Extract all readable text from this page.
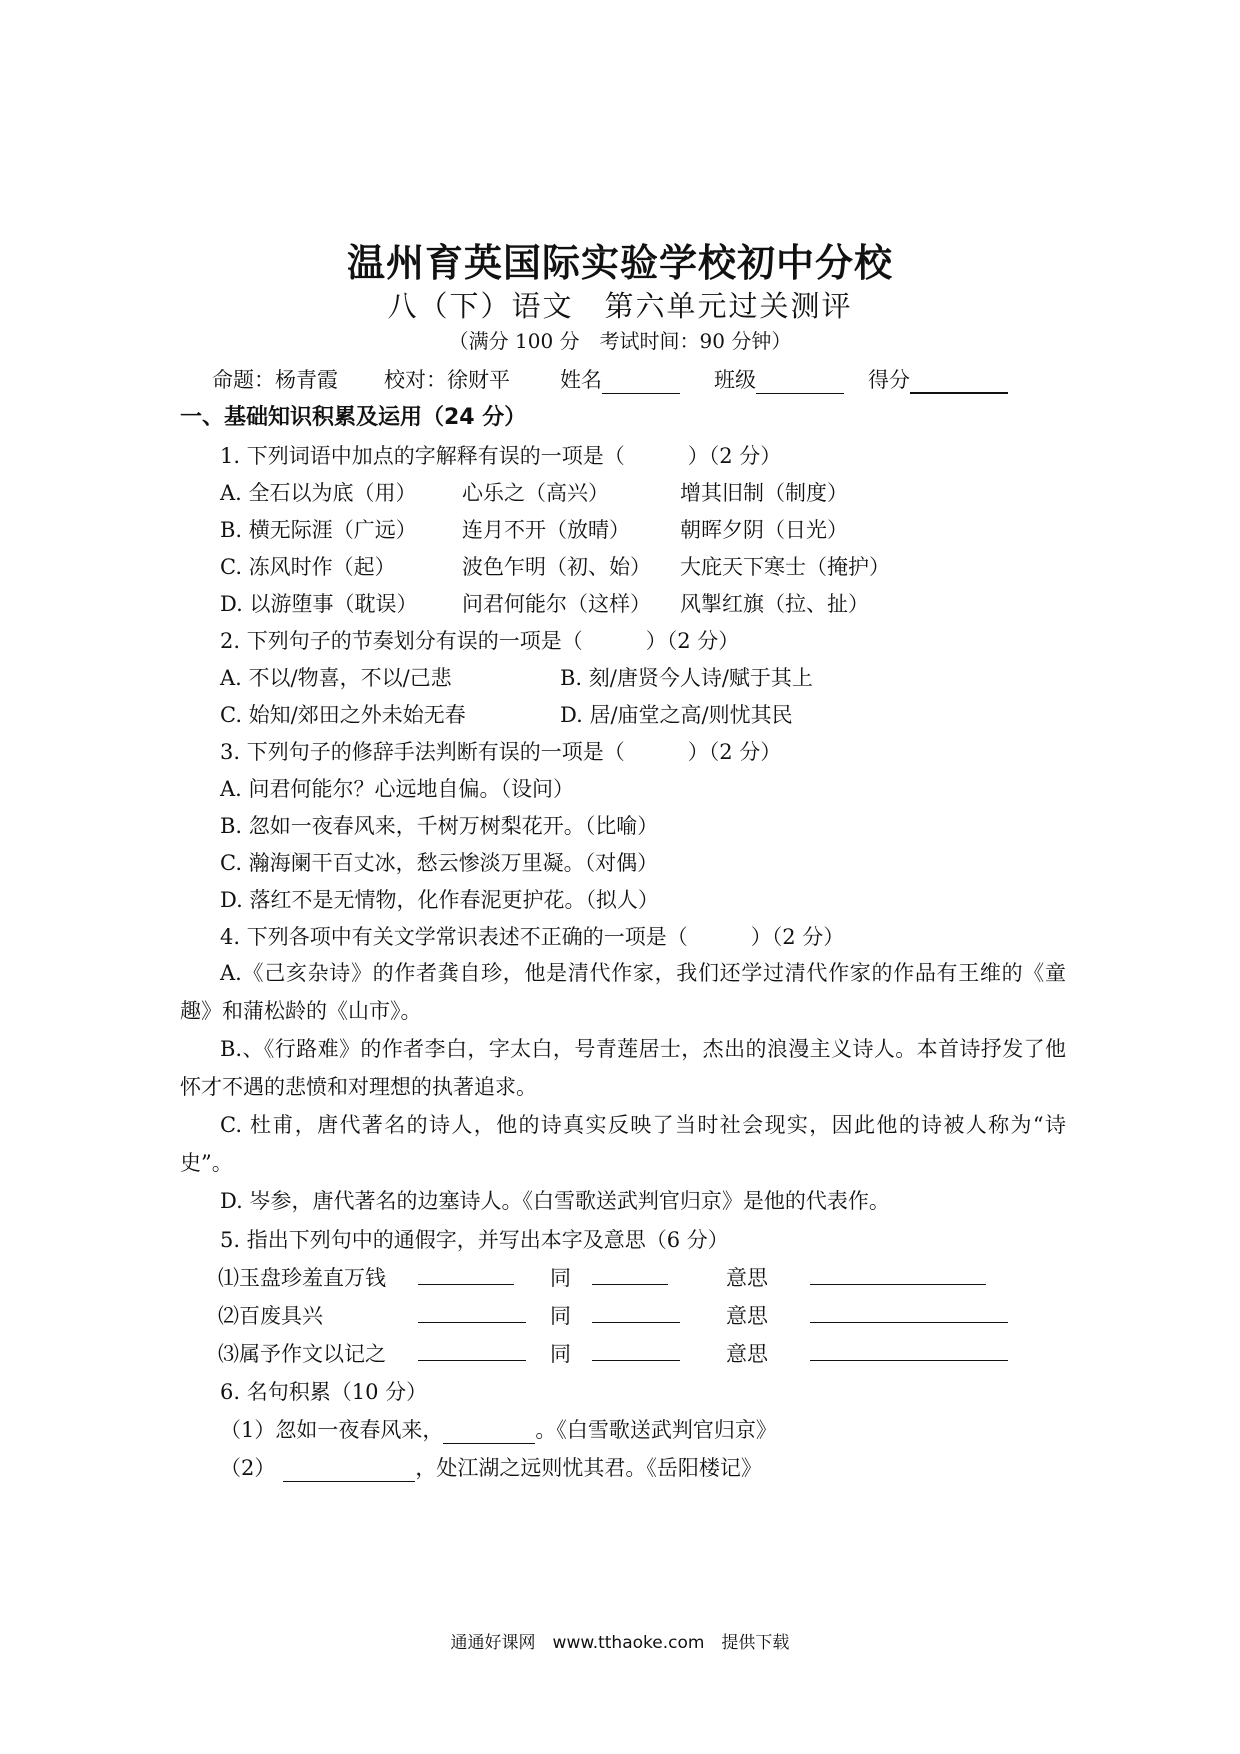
温州育英国际实验学校初中分校
八（下）语文　第六单元过关测评
（满分 100 分　考试时间：90 分钟）
命题：杨青霞 校对：徐财平 姓名	班级	得分
一、基础知识积累及运用（24 分）
1. 下列词语中加点的字解释有误的一项是（　　　）（2 分）
A. 全石以为底（用） 心乐之（高兴）	增其旧制（制度）
B. 横无际涯（广远） 连月不开（放晴） 朝晖夕阴（日光）
C. 冻风时作（起）	波色乍明（初、始） 大庇天下寒士（掩护）
D. 以游堕事（耽误） 问君何能尔（这样） 风掣红旗（拉、扯）
2. 下列句子的节奏划分有误的一项是（　　　）（2 分）
A. 不以/物喜，不以/己悲	B. 刻/唐贤今人诗/赋于其上
C. 始知/郊田之外未始无春	D. 居/庙堂之高/则忧其民
3. 下列句子的修辞手法判断有误的一项是（　　　）（2 分）
A. 问君何能尔？心远地自偏。（设问）
B. 忽如一夜春风来，千树万树梨花开。（比喻）
C. 瀚海阑干百丈冰，愁云惨淡万里凝。（对偶）
D. 落红不是无情物，化作春泥更护花。（拟人）
4. 下列各项中有关文学常识表述不正确的一项是（　　　）（2 分）
A.《己亥杂诗》的作者龚自珍，他是清代作家，我们还学过清代作家的作品有王维的《童趣》和蒲松龄的《山市》。
B.、《行路难》的作者李白，字太白，号青莲居士，杰出的浪漫主义诗人。本首诗抒发了他怀才不遇的悲愤和对理想的执著追求。
C. 杜甫，唐代著名的诗人，他的诗真实反映了当时社会现实，因此他的诗被人称为“诗史”。
D. 岑参，唐代著名的边塞诗人。《白雪歌送武判官归京》是他的代表作。
5. 指出下列句中的通假字，并写出本字及意思（6 分）
⑴玉盘珍羞直万钱	同	意思
⑵百废具兴	同	意思
⑶属予作文以记之	同	意思
6. 名句积累（10 分）
（1）忽如一夜春风来，	。《白雪歌送武判官归京》
（2）	，处江湖之远则忧其君。《岳阳楼记》
通通好课网　www.tthaoke.com　提供下载
